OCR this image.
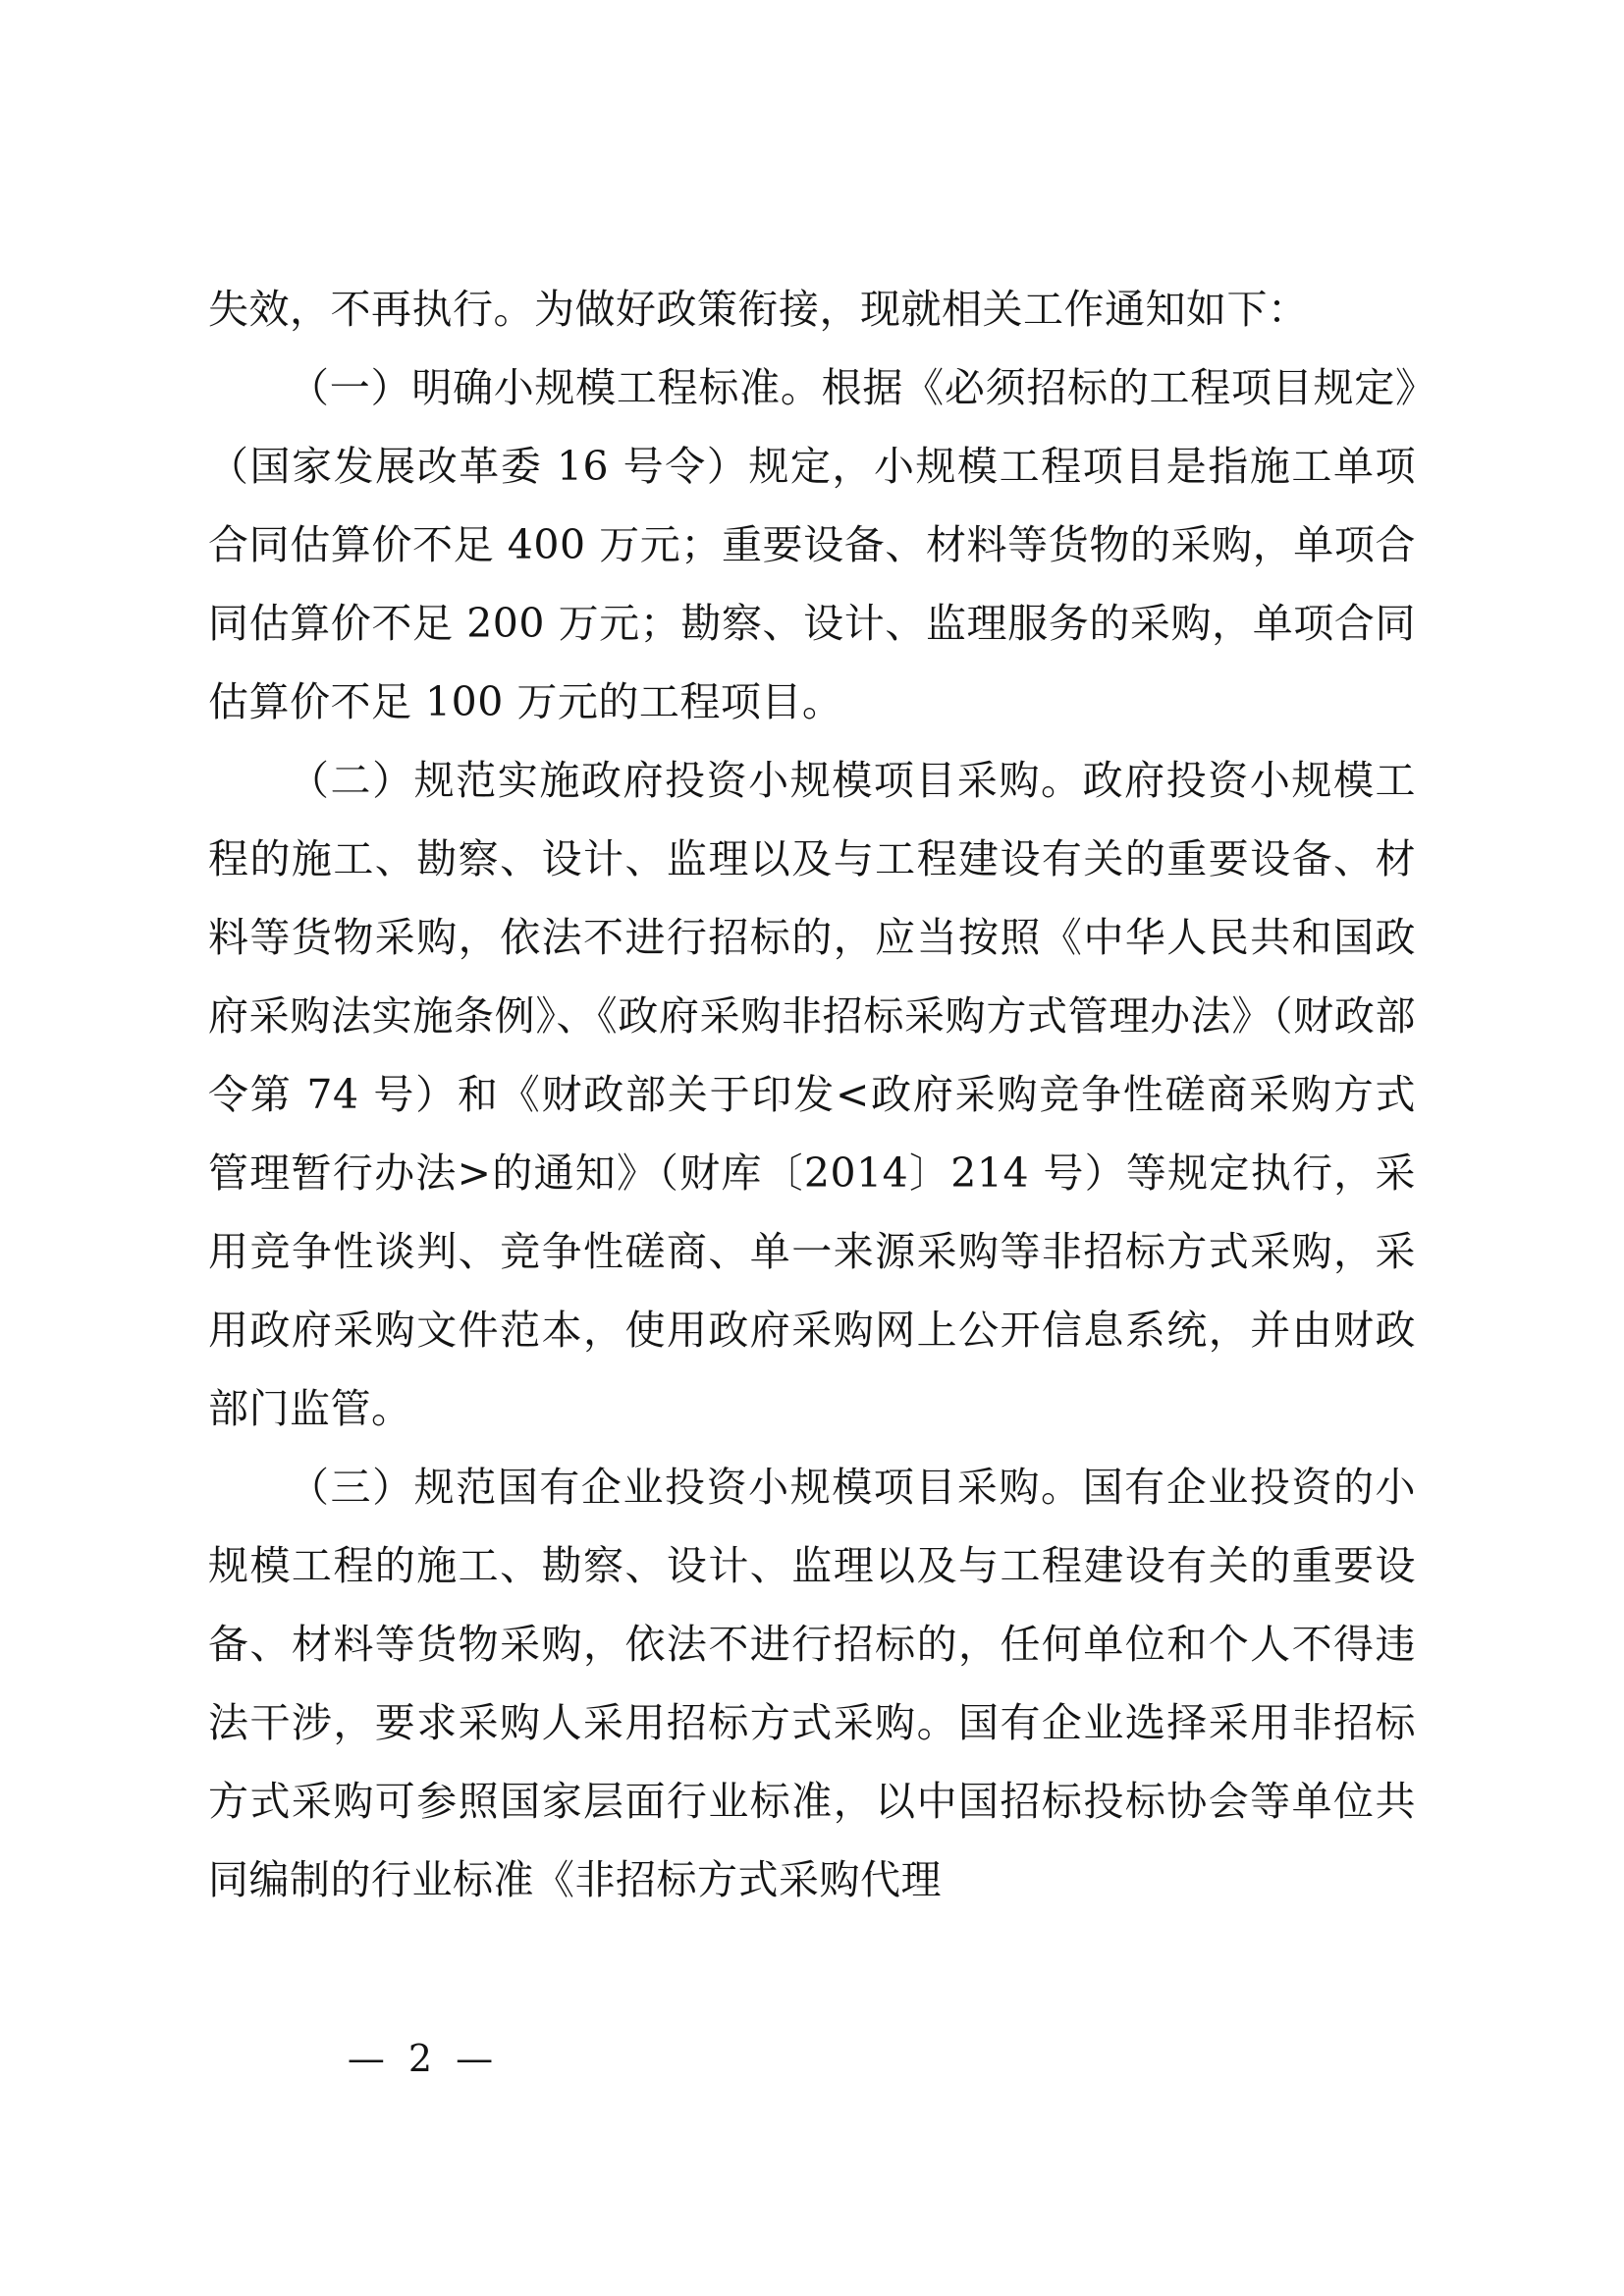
失效，不再执行。为做好政策衔接，现就相关工作通知如下：

（一）明确小规模工程标准。根据《必须招标的工程项目规定》（国家发展改革委 16 号令）规定，小规模工程项目是指施工单项合同估算价不足 400 万元；重要设备、材料等货物的采购，单项合同估算价不足 200 万元；勘察、设计、监理服务的采购，单项合同估算价不足 100 万元的工程项目。

（二）规范实施政府投资小规模项目采购。政府投资小规模工程的施工、勘察、设计、监理以及与工程建设有关的重要设备、材料等货物采购，依法不进行招标的，应当按照《中华人民共和国政府采购法实施条例》、《政府采购非招标采购方式管理办法》（财政部令第 74 号）和《财政部关于印发<政府采购竞争性磋商采购方式管理暂行办法>的通知》（财库〔2014〕214 号）等规定执行，采用竞争性谈判、竞争性磋商、单一来源采购等非招标方式采购，采用政府采购文件范本，使用政府采购网上公开信息系统，并由财政部门监管。

（三）规范国有企业投资小规模项目采购。国有企业投资的小规模工程的施工、勘察、设计、监理以及与工程建设有关的重要设备、材料等货物采购，依法不进行招标的，任何单位和个人不得违法干涉，要求采购人采用招标方式采购。国有企业选择采用非招标方式采购可参照国家层面行业标准，以中国招标投标协会等单位共同编制的行业标准《非招标方式采购代理

— 2 —
